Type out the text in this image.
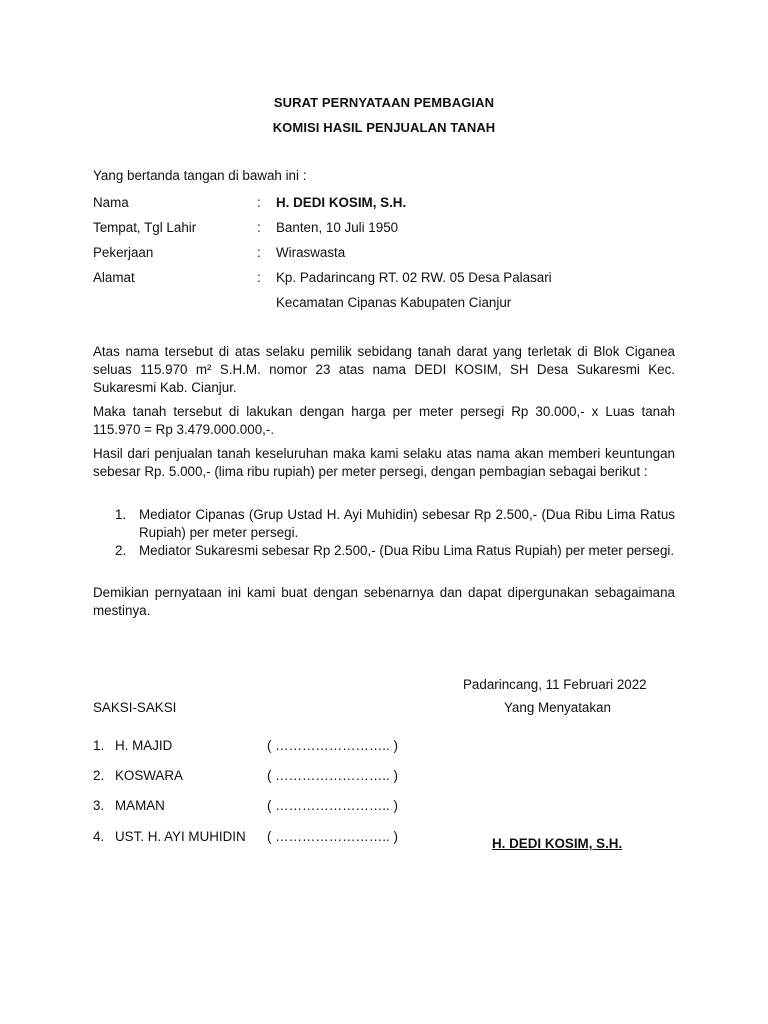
SURAT PERNYATAAN PEMBAGIAN
KOMISI HASIL PENJUALAN TANAH
Yang bertanda tangan di bawah ini :
Nama	: H. DEDI KOSIM, S.H.
Tempat, Tgl Lahir	: Banten, 10 Juli 1950
Pekerjaan	: Wiraswasta
Alamat	: Kp. Padarincang RT. 02 RW. 05 Desa Palasari
Kecamatan Cipanas Kabupaten Cianjur
Atas nama tersebut di atas selaku pemilik sebidang tanah darat yang terletak di Blok Ciganea seluas 115.970 m² S.H.M. nomor 23 atas nama DEDI KOSIM, SH Desa Sukaresmi Kec. Sukaresmi Kab. Cianjur.
Maka tanah tersebut di lakukan dengan harga per meter persegi Rp 30.000,- x Luas tanah 115.970 = Rp 3.479.000.000,-.
Hasil dari penjualan tanah keseluruhan maka kami selaku atas nama akan memberi keuntungan sebesar Rp. 5.000,- (lima ribu rupiah) per meter persegi, dengan pembagian sebagai berikut :
1. Mediator Cipanas (Grup Ustad H. Ayi Muhidin) sebesar Rp 2.500,- (Dua Ribu Lima Ratus Rupiah) per meter persegi.
2. Mediator Sukaresmi sebesar Rp 2.500,- (Dua Ribu Lima Ratus Rupiah) per meter persegi.
Demikian pernyataan ini kami buat dengan sebenarnya dan dapat dipergunakan sebagaimana mestinya.
Padarincang, 11 Februari 2022
SAKSI-SAKSI	Yang Menyatakan
1. H. MAJID	( …………………….. )
2. KOSWARA	( …………………….. )
3. MAMAN	( …………………….. )
4. UST. H. AYI MUHIDIN ( …………………….. )	H. DEDI KOSIM, S.H.
